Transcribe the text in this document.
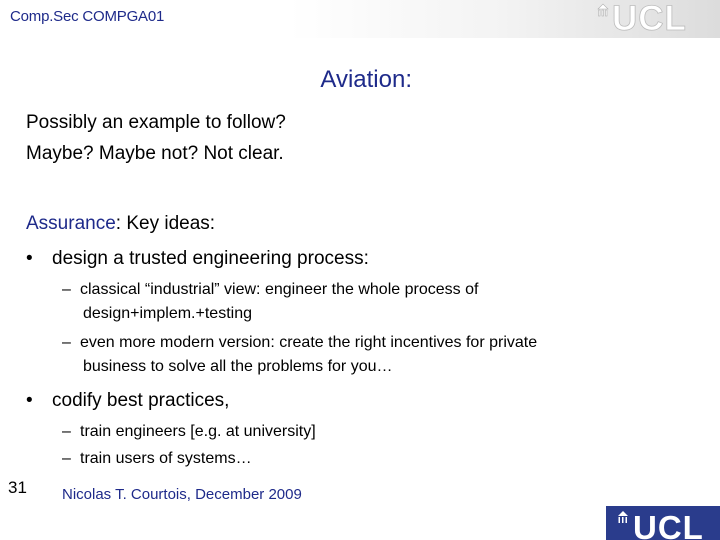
Comp.Sec COMPGA01	UCL
Aviation:
Possibly an example to follow?
Maybe? Maybe not? Not clear.
Assurance: Key ideas:
• design a trusted engineering process:
– classical “industrial” view: engineer the whole process of
design+implem.+testing
– even more modern version: create the right incentives for private
business to solve all the problems for you…
• codify best practices,
– train engineers [e.g. at university]
– train users of systems…
31 Nicolas T. Courtois, December 2009
UCL
